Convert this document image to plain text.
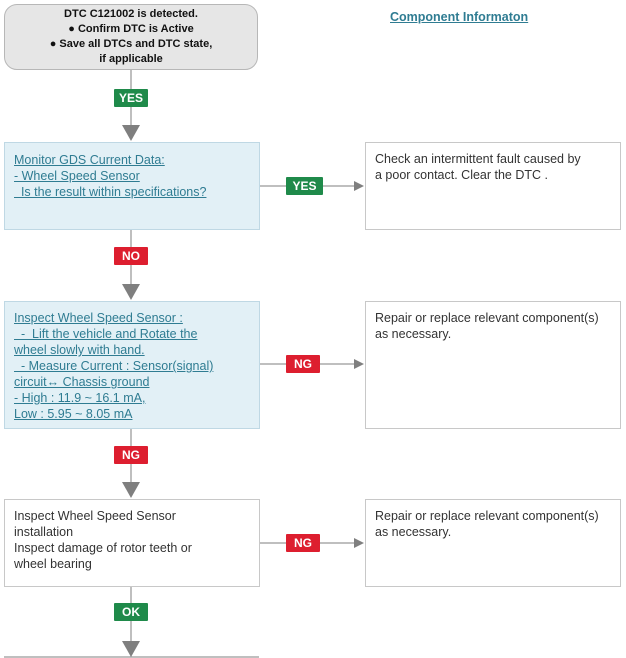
DTC C121002 is detected.
● Confirm DTC is Active
● Save all DTCs and DTC state,
if applicable
Component Informaton
YES
YES
NO
NG
NG
NG
OK
Monitor GDS Current Data:
- Wheel Speed Sensor
Is the result within specifications?
Check an intermittent fault caused by
a poor contact. Clear the DTC .
Inspect Wheel Speed Sensor :
-  Lift the vehicle and Rotate the
wheel slowly with hand.
- Measure Current : Sensor(signal)
circuit↔ Chassis ground
- High : 11.9 ~ 16.1 mA,
Low : 5.95 ~ 8.05 mA
Repair or replace relevant component(s)
as necessary.
Inspect Wheel Speed Sensor
installation
Inspect damage of rotor teeth or
wheel bearing
Repair or replace relevant component(s)
as necessary.
